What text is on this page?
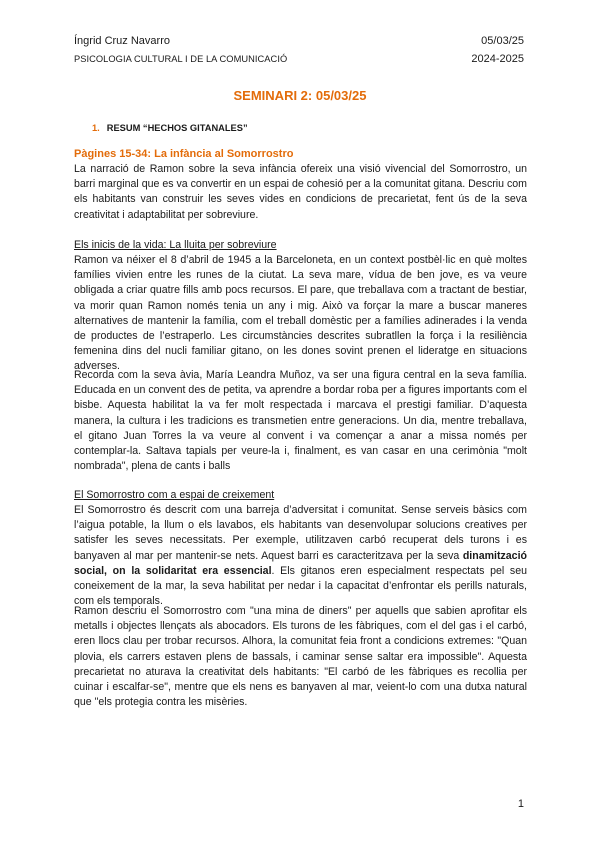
Íngrid Cruz Navarro	05/03/25
PSICOLOGIA CULTURAL I DE LA COMUNICACIÓ	2024-2025
SEMINARI 2: 05/03/25
1. RESUM “HECHOS GITANALES”
Pàgines 15-34: La infància al Somorrostro

La narració de Ramon sobre la seva infància ofereix una visió vivencial del Somorrostro, un barri marginal que es va convertir en un espai de cohesió per a la comunitat gitana. Descriu com els habitants van construir les seves vides en condicions de precarietat, fent ús de la seva creativitat i adaptabilitat per sobreviure.

Els inicis de la vida: La lluita per sobreviure

Ramon va néixer el 8 d’abril de 1945 a la Barceloneta, en un context postbèl·lic en què moltes famílies vivien entre les runes de la ciutat. La seva mare, vídua de ben jove, es va veure obligada a criar quatre fills amb pocs recursos. El pare, que treballava com a tractant de bestiar, va morir quan Ramon només tenia un any i mig. Això va forçar la mare a buscar maneres alternatives de mantenir la família, com el treball domèstic per a famílies adinerades i la venda de productes de l’estraperlo. Les circumstàncies descrites subratllen la força i la resiliència femenina dins del nucli familiar gitano, on les dones sovint prenen el lideratge en situacions adverses.

Recorda com la seva àvia, María Leandra Muñoz, va ser una figura central en la seva família. Educada en un convent des de petita, va aprendre a bordar roba per a figures importants com el bisbe. Aquesta habilitat la va fer molt respectada i marcava el prestigi familiar. D’aquesta manera, la cultura i les tradicions es transmetien entre generacions. Un dia, mentre treballava, el gitano Juan Torres la va veure al convent i va començar a anar a missa només per contemplar-la. Saltava tapials per veure-la i, finalment, es van casar en una cerimònia "molt nombrada", plena de cants i balls

El Somorrostro com a espai de creixement

El Somorrostro és descrit com una barreja d’adversitat i comunitat. Sense serveis bàsics com l’aigua potable, la llum o els lavabos, els habitants van desenvolupar solucions creatives per satisfer les seves necessitats. Per exemple, utilitzaven carbó recuperat dels turons i es banyaven al mar per mantenir-se nets. Aquest barri es caracteritzava per la seva dinamització social, on la solidaritat era essencial. Els gitanos eren especialment respectats pel seu coneixement de la mar, la seva habilitat per nedar i la capacitat d’enfrontar els perills naturals, com els temporals.

Ramon descriu el Somorrostro com "una mina de diners" per aquells que sabien aprofitar els metalls i objectes llençats als abocadors. Els turons de les fàbriques, com el del gas i el carbó, eren llocs clau per trobar recursos. Alhora, la comunitat feia front a condicions extremes: "Quan plovia, els carrers estaven plens de bassals, i caminar sense saltar era impossible". Aquesta precarietat no aturava la creativitat dels habitants: "El carbó de les fàbriques es recollia per cuinar i escalfar-se", mentre que els nens es banyaven al mar, veient-lo com una dutxa natural que "els protegia contra les misèries.

1
